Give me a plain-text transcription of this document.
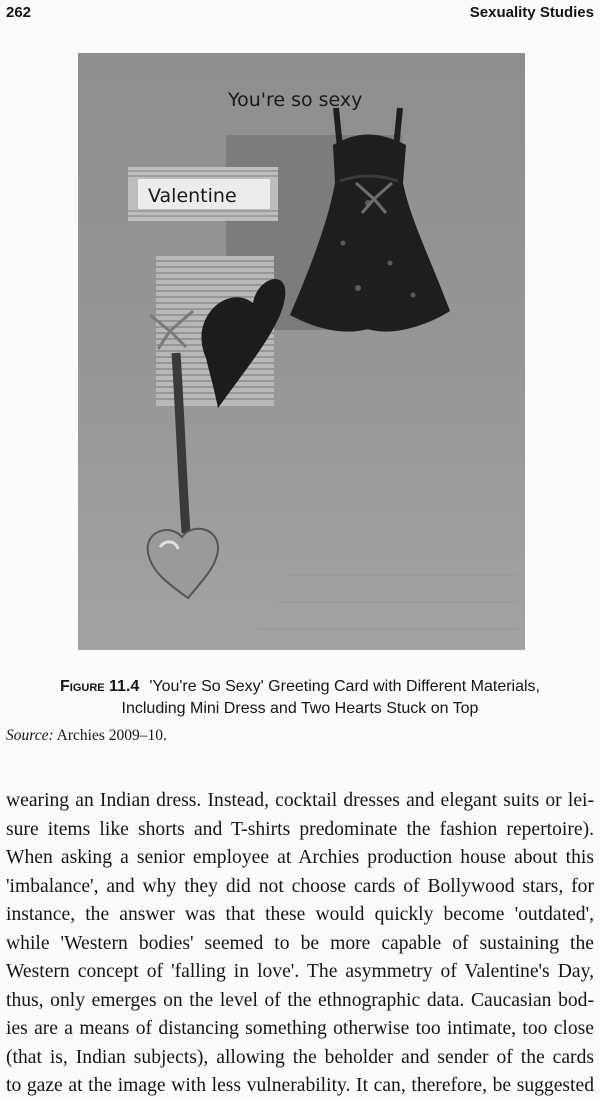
262	Sexuality Studies
Valentine
You're so sexy
Figure 11.4 'You're So Sexy' Greeting Card with Different Materials,
Including Mini Dress and Two Hearts Stuck on Top
Source: Archies 2009–10.
wearing an Indian dress. Instead, cocktail dresses and elegant suits or lei-
sure items like shorts and T-shirts predominate the fashion repertoire).
When asking a senior employee at Archies production house about this
'imbalance', and why they did not choose cards of Bollywood stars, for
instance, the answer was that these would quickly become 'outdated',
while 'Western bodies' seemed to be more capable of sustaining the
Western concept of 'falling in love'. The asymmetry of Valentine's Day,
thus, only emerges on the level of the ethnographic data. Caucasian bod-
ies are a means of distancing something otherwise too intimate, too close
(that is, Indian subjects), allowing the beholder and sender of the cards
to gaze at the image with less vulnerability. It can, therefore, be suggested
